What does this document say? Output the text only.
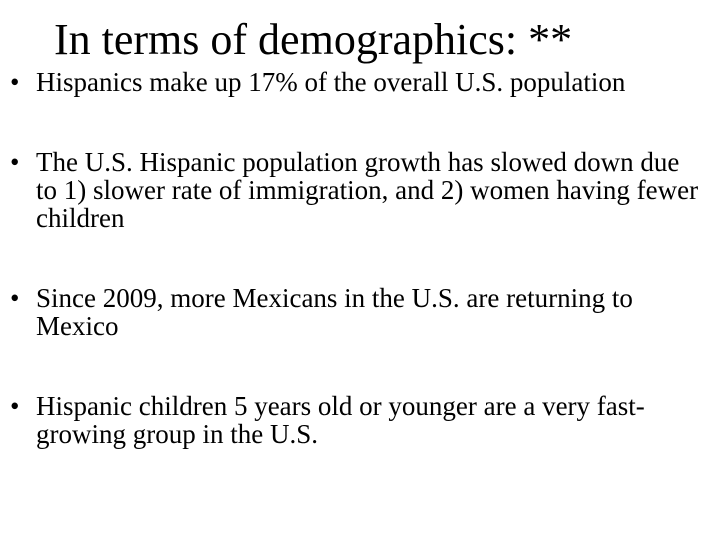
In terms of demographics: **
• Hispanics make up 17% of the overall U.S. population
• The U.S. Hispanic population growth has slowed down due to 1) slower rate of immigration, and 2) women having fewer children
• Since 2009, more Mexicans in the U.S. are returning to Mexico
• Hispanic children 5 years old or younger are a very fast-growing group in the U.S.
